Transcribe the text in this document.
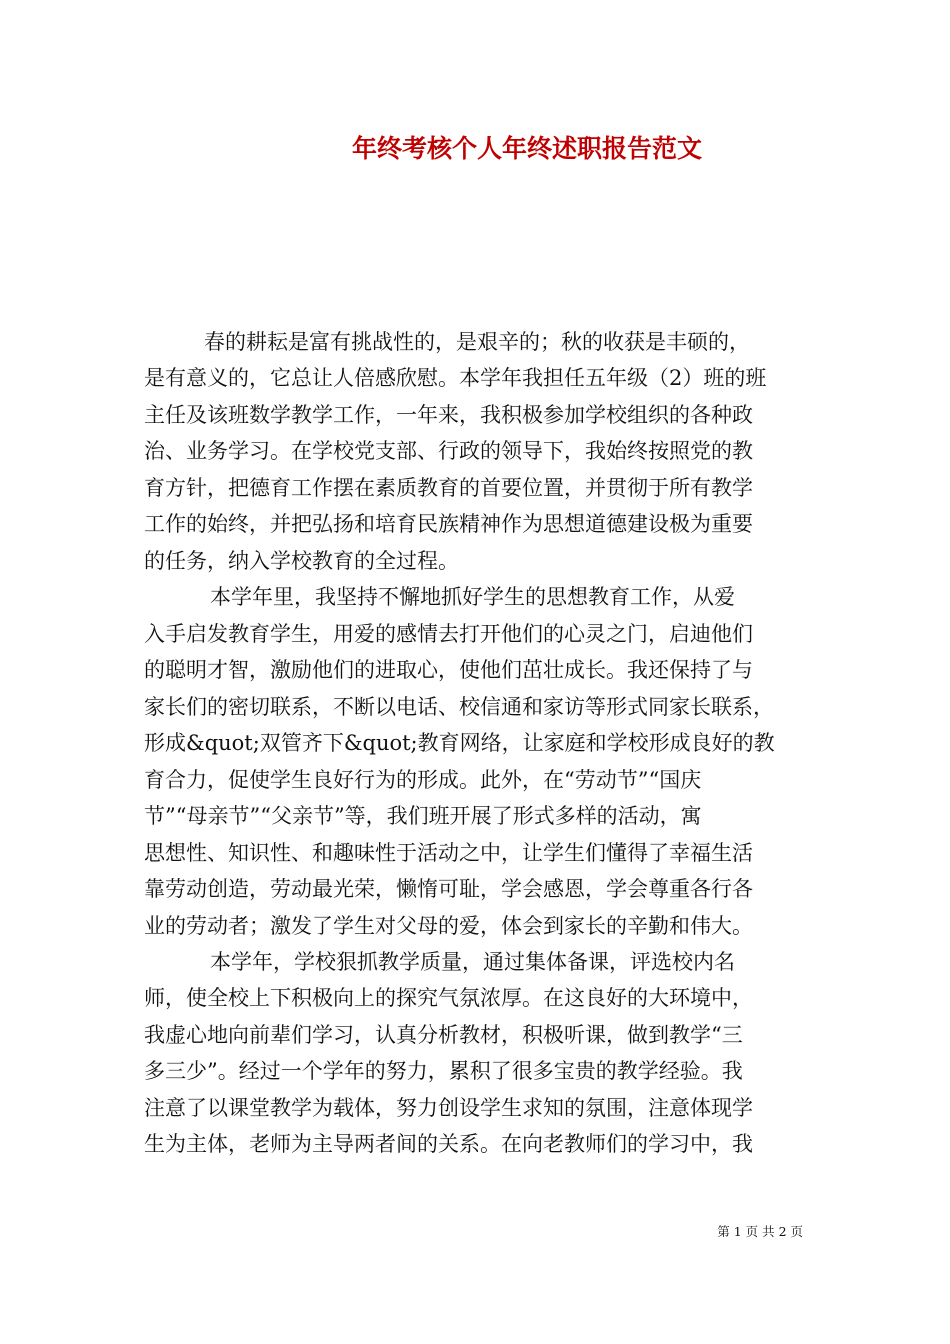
年终考核个人年终述职报告范文
春的耕耘是富有挑战性的，是艰辛的；秋的收获是丰硕的，
是有意义的，它总让人倍感欣慰。本学年我担任五年级（2）班的班
主任及该班数学教学工作，一年来，我积极参加学校组织的各种政
治、业务学习。在学校党支部、行政的领导下，我始终按照党的教
育方针，把德育工作摆在素质教育的首要位置，并贯彻于所有教学
工作的始终，并把弘扬和培育民族精神作为思想道德建设极为重要
的任务，纳入学校教育的全过程。
本学年里，我坚持不懈地抓好学生的思想教育工作，从爱
入手启发教育学生，用爱的感情去打开他们的心灵之门，启迪他们
的聪明才智，激励他们的进取心，使他们茁壮成长。我还保持了与
家长们的密切联系，不断以电话、校信通和家访等形式同家长联系，
形成&quot;双管齐下&quot;教育网络，让家庭和学校形成良好的教
育合力，促使学生良好行为的形成。此外，在“劳动节”“国庆
节”“母亲节”“父亲节”等，我们班开展了形式多样的活动，寓
思想性、知识性、和趣味性于活动之中，让学生们懂得了幸福生活
靠劳动创造，劳动最光荣，懒惰可耻，学会感恩，学会尊重各行各
业的劳动者；激发了学生对父母的爱，体会到家长的辛勤和伟大。
本学年，学校狠抓教学质量，通过集体备课，评选校内名
师，使全校上下积极向上的探究气氛浓厚。在这良好的大环境中，
我虚心地向前辈们学习，认真分析教材，积极听课，做到教学“三
多三少”。经过一个学年的努力，累积了很多宝贵的教学经验。我
注意了以课堂教学为载体，努力创设学生求知的氛围，注意体现学
生为主体，老师为主导两者间的关系。在向老教师们的学习中，我
第 1 页 共 2 页
